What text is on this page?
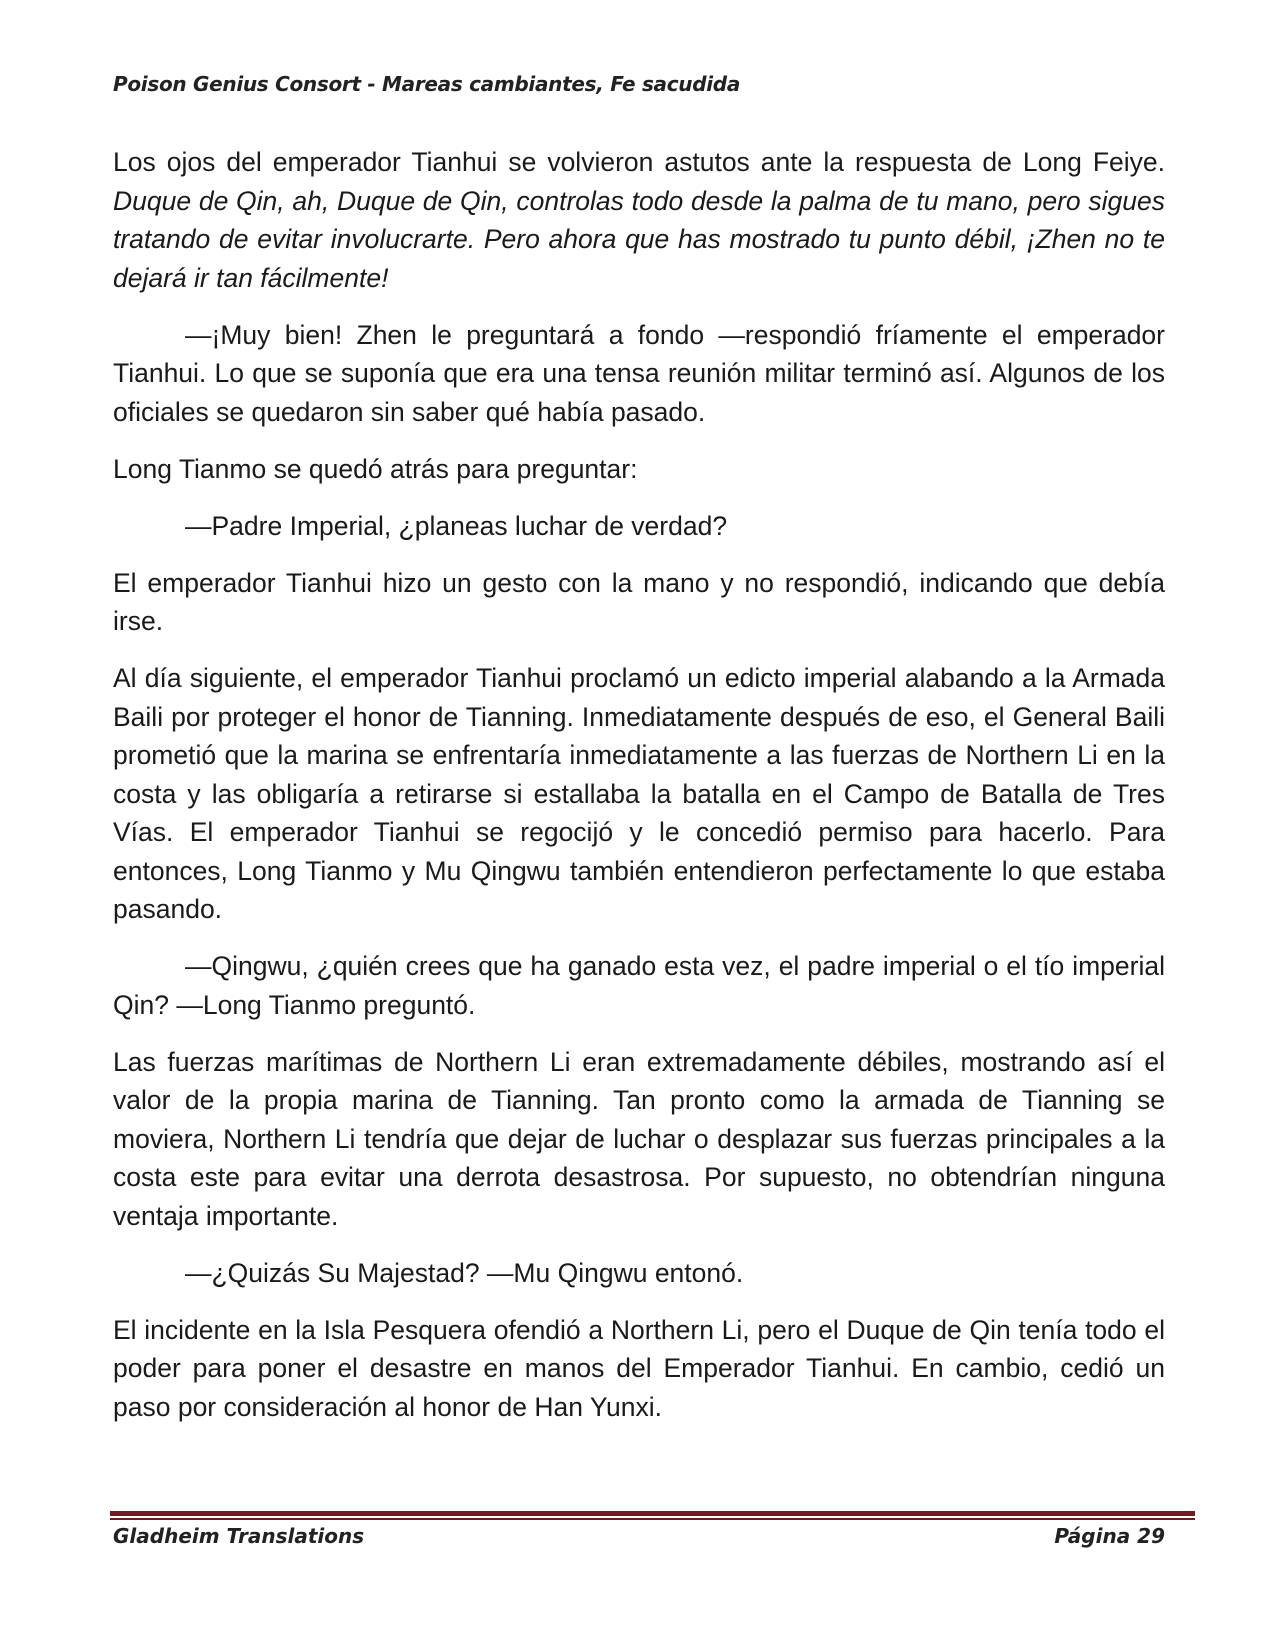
Poison Genius Consort - Mareas cambiantes, Fe sacudida

Los ojos del emperador Tianhui se volvieron astutos ante la respuesta de Long Feiye. Duque de Qin, ah, Duque de Qin, controlas todo desde la palma de tu mano, pero sigues tratando de evitar involucrarte. Pero ahora que has mostrado tu punto débil, ¡Zhen no te dejará ir tan fácilmente!

—¡Muy bien! Zhen le preguntará a fondo —respondió fríamente el emperador Tianhui. Lo que se suponía que era una tensa reunión militar terminó así. Algunos de los oficiales se quedaron sin saber qué había pasado.

Long Tianmo se quedó atrás para preguntar:

—Padre Imperial, ¿planeas luchar de verdad?

El emperador Tianhui hizo un gesto con la mano y no respondió, indicando que debía irse.

Al día siguiente, el emperador Tianhui proclamó un edicto imperial alabando a la Armada Baili por proteger el honor de Tianning. Inmediatamente después de eso, el General Baili prometió que la marina se enfrentaría inmediatamente a las fuerzas de Northern Li en la costa y las obligaría a retirarse si estallaba la batalla en el Campo de Batalla de Tres Vías. El emperador Tianhui se regocijó y le concedió permiso para hacerlo. Para entonces, Long Tianmo y Mu Qingwu también entendieron perfectamente lo que estaba pasando.

—Qingwu, ¿quién crees que ha ganado esta vez, el padre imperial o el tío imperial Qin? —Long Tianmo preguntó.

Las fuerzas marítimas de Northern Li eran extremadamente débiles, mostrando así el valor de la propia marina de Tianning. Tan pronto como la armada de Tianning se moviera, Northern Li tendría que dejar de luchar o desplazar sus fuerzas principales a la costa este para evitar una derrota desastrosa. Por supuesto, no obtendrían ninguna ventaja importante.

—¿Quizás Su Majestad? —Mu Qingwu entonó.

El incidente en la Isla Pesquera ofendió a Northern Li, pero el Duque de Qin tenía todo el poder para poner el desastre en manos del Emperador Tianhui. En cambio, cedió un paso por consideración al honor de Han Yunxi.

Gladheim Translations	Página 29
